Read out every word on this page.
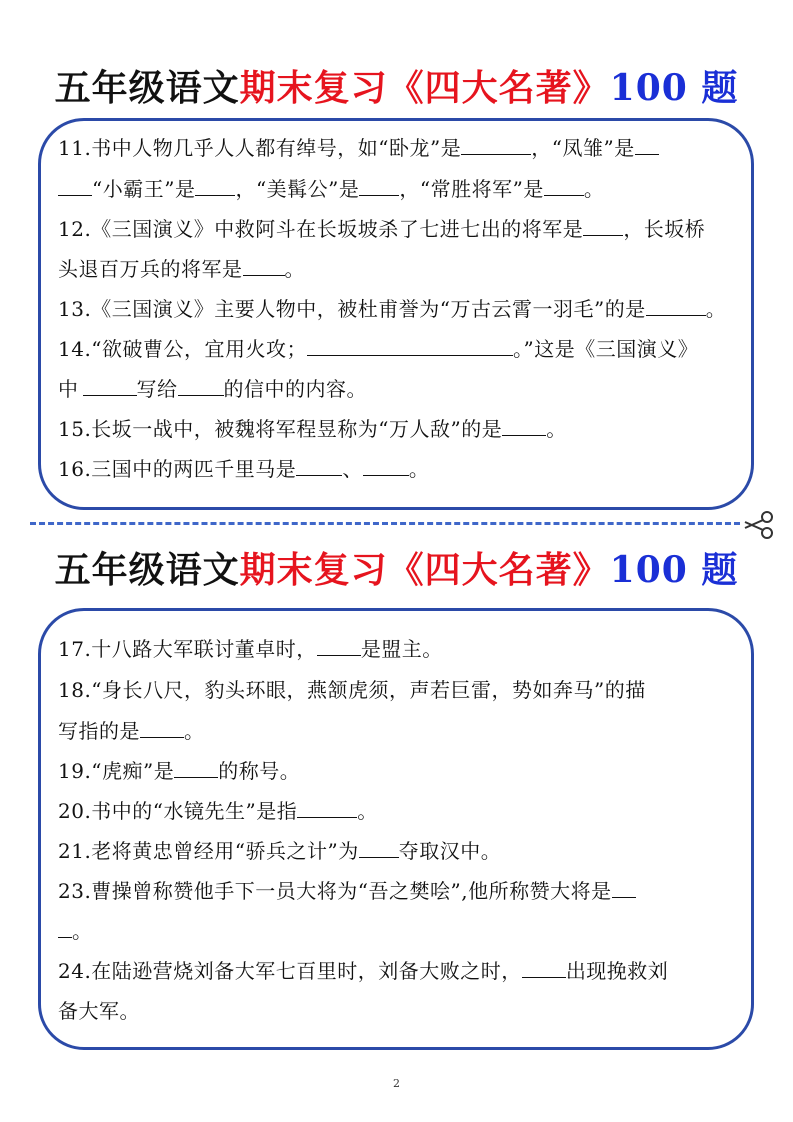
五年级语文期末复习《四大名著》100 题
11.书中人物几乎人人都有绰号，如“卧龙”是	，“凤雏”是
“小霸王”是 ，“美髯公”是 ，“常胜将军”是 。
12.《三国演义》中救阿斗在长坂坡杀了七进七出的将军是 ，长坂桥
头退百万兵的将军是 。
13.《三国演义》主要人物中，被杜甫誉为“万古云霄一羽毛”的是	。
14.“欲破曹公，宜用火攻；	。”这是《三国演义》
中	写给 的信中的内容。
15.长坂一战中，被魏将军程昱称为“万人敌”的是 。
16.三国中的两匹千里马是 、 。
五年级语文期末复习《四大名著》100 题
17.十八路大军联讨董卓时， 是盟主。
18.“身长八尺，豹头环眼，燕颔虎须，声若巨雷，势如奔马”的描
写指的是 。
19.“虎痴”是 的称号。
20.书中的“水镜先生”是指	。
21.老将黄忠曾经用“骄兵之计”为 夺取汉中。
23.曹操曾称赞他手下一员大将为“吾之樊哙”,他所称赞大将是
。
24.在陆逊营烧刘备大军七百里时，刘备大败之时， 出现挽救刘
备大军。
2
